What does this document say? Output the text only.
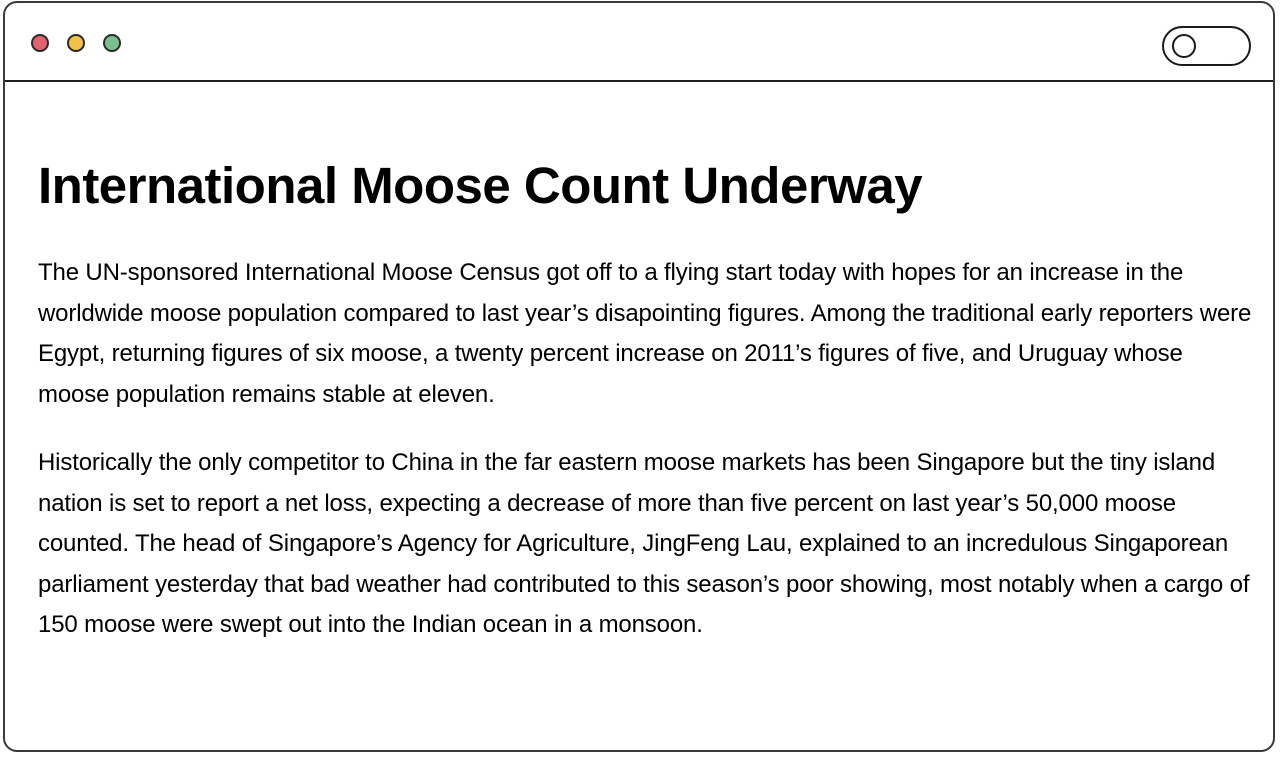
International Moose Count Underway

The UN-sponsored International Moose Census got off to a flying start today with hopes for an increase in the worldwide moose population compared to last year’s disapointing figures. Among the traditional early reporters were Egypt, returning figures of six moose, a twenty percent increase on 2011’s figures of five, and Uruguay whose moose population remains stable at eleven.

Historically the only competitor to China in the far eastern moose markets has been Singapore but the tiny island nation is set to report a net loss, expecting a decrease of more than five percent on last year’s 50,000 moose counted. The head of Singapore’s Agency for Agriculture, JingFeng Lau, explained to an incredulous Singaporean parliament yesterday that bad weather had contributed to this season’s poor showing, most notably when a cargo of 150 moose were swept out into the Indian ocean in a monsoon.
